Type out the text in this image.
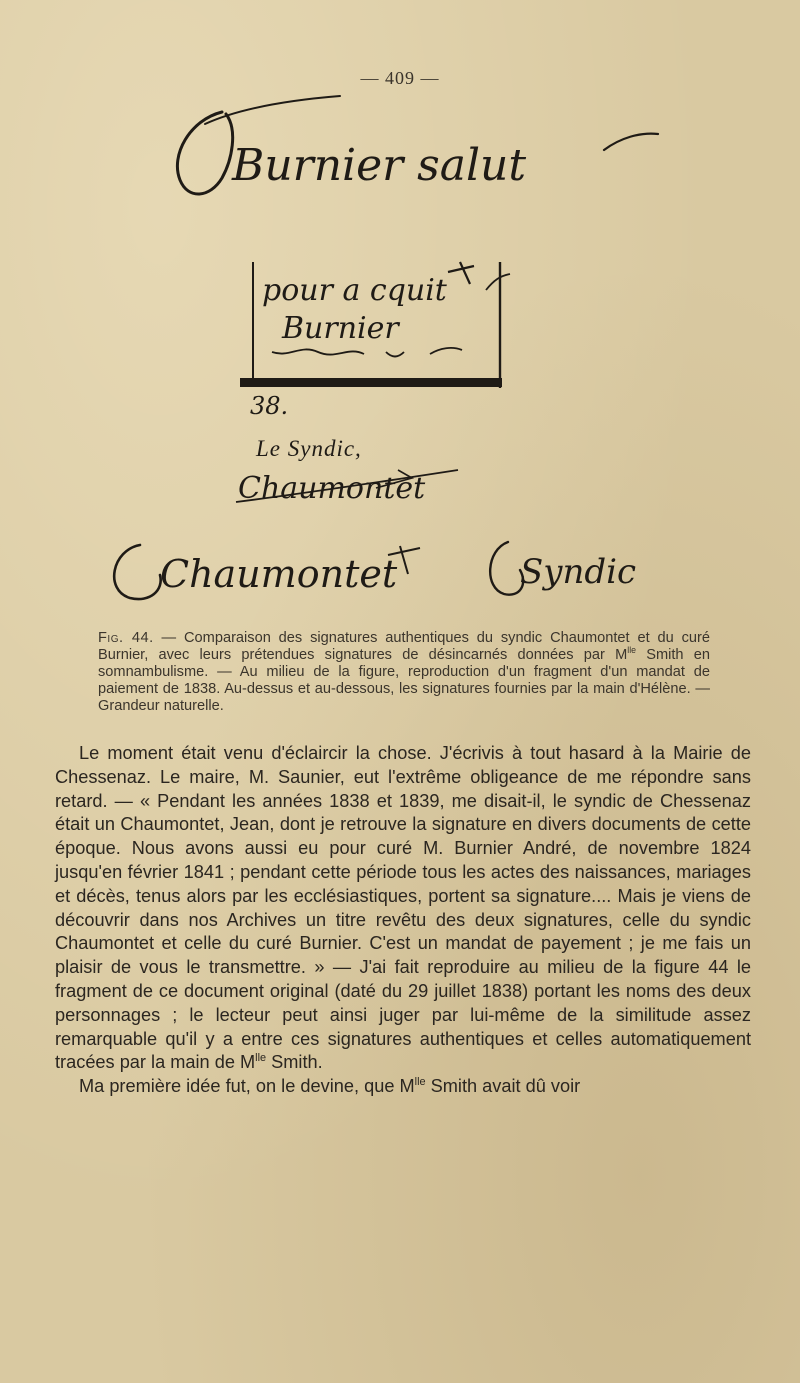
— 409 —
Burnier salut
pour a cquit
Burnier
38.
Le Syndic,
Chaumontet
Chaumontet	Syndic
Fig. 44. — Comparaison des signatures authentiques du syndic Chaumontet et du curé Burnier, avec leurs prétendues signatures de désincarnés données par $M^{lle}$ Smith en somnambulisme. — Au milieu de la figure, reproduction d'un fragment d'un mandat de paiement de 1838. Au-dessus et au-dessous, les signatures fournies par la main d'Hélène. — Grandeur naturelle.

Le moment était venu d'éclaircir la chose. J'écrivis à tout hasard à la Mairie de Chessenaz. Le maire, M. Saunier, eut l'extrême obligeance de me répondre sans retard. — « Pendant les années 1838 et 1839, me disait-il, le syndic de Chessenaz était un Chaumontet, Jean, dont je retrouve la signature en divers documents de cette époque. Nous avons aussi eu pour curé M. Burnier André, de novembre 1824 jusqu'en février 1841 ; pendant cette période tous les actes des naissances, mariages et décès, tenus alors par les ecclésiastiques, portent sa signature.... Mais je viens de découvrir dans nos Archives un titre revêtu des deux signatures, celle du syndic Chaumontet et celle du curé Burnier. C'est un mandat de payement ; je me fais un plaisir de vous le transmettre. » — J'ai fait reproduire au milieu de la figure 44 le fragment de ce document original (daté du 29 juillet 1838) portant les noms des deux personnages ; le lecteur peut ainsi juger par lui-même de la similitude assez remarquable qu'il y a entre ces signatures authentiques et celles automatiquement tracées par la main de $M^{lle}$ Smith.

Ma première idée fut, on le devine, que $M^{lle}$ Smith avait dû voir
